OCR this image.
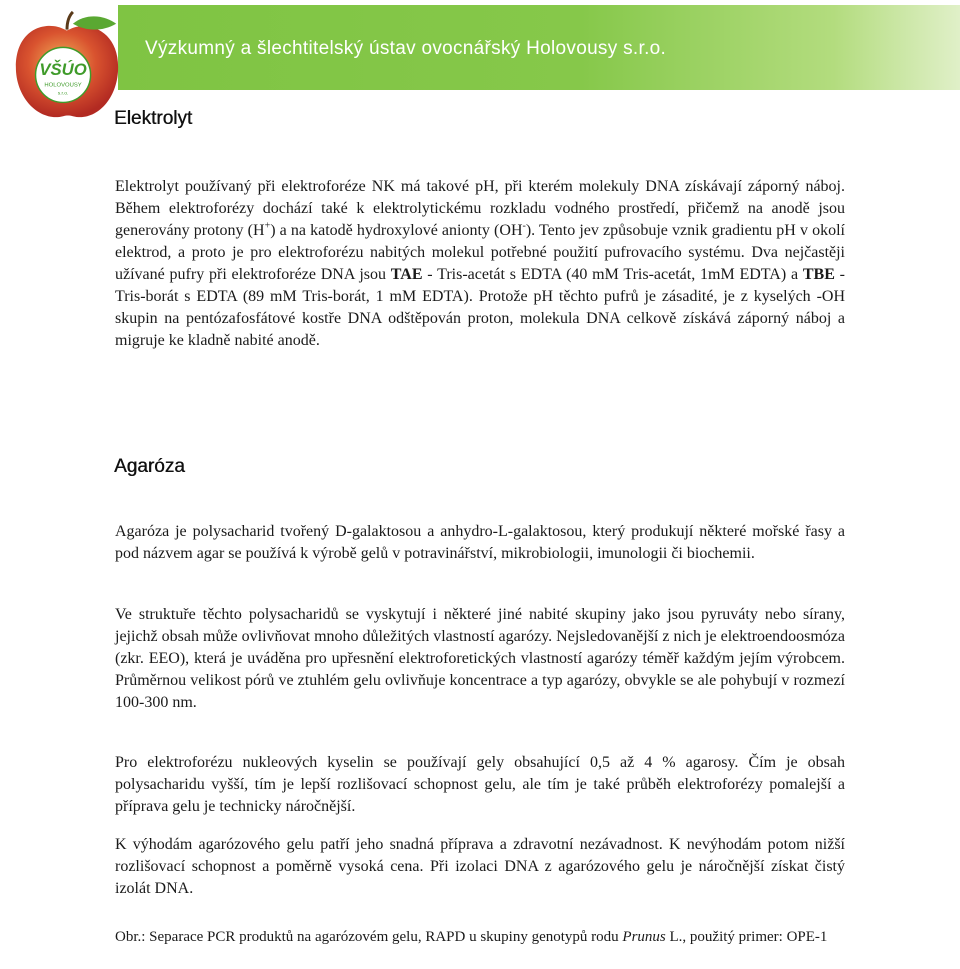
Výzkumný a šlechtitelský ústav ovocnářský Holovousy s.r.o.
VŠÚO
HOLOVOUSY
s.r.o.
Elektrolyt

Elektrolyt používaný při elektroforéze NK má takové pH, při kterém molekuly DNA získávají záporný náboj. Během elektroforézy dochází také k elektrolytickému rozkladu vodného prostředí, přičemž na anodě jsou generovány protony (H+) a na katodě hydroxylové anionty (OH-). Tento jev způsobuje vznik gradientu pH v okolí elektrod, a proto je pro elektroforézu nabitých molekul potřebné použití pufrovacího systému. Dva nejčastěji užívané pufry při elektroforéze DNA jsou TAE - Tris-acetát s EDTA (40 mM Tris-acetát, 1mM EDTA) a TBE - Tris-borát s EDTA (89 mM Tris-borát, 1 mM EDTA). Protože pH těchto pufrů je zásadité, je z kyselých -OH skupin na pentózafosfátové kostře DNA odštěpován proton, molekula DNA celkově získává záporný náboj a migruje ke kladně nabité anodě.

Agaróza

Agaróza je polysacharid tvořený D-galaktosou a anhydro-L-galaktosou, který produkují některé mořské řasy a pod názvem agar se používá k výrobě gelů v potravinářství, mikrobiologii, imunologii či biochemii.

Ve struktuře těchto polysacharidů se vyskytují i některé jiné nabité skupiny jako jsou pyruváty nebo sírany, jejichž obsah může ovlivňovat mnoho důležitých vlastností agarózy. Nejsledovanější z nich je elektroendoosmóza (zkr. EEO), která je uváděna pro upřesnění elektroforetických vlastností agarózy téměř každým jejím výrobcem. Průměrnou velikost pórů ve ztuhlém gelu ovlivňuje koncentrace a typ agarózy, obvykle se ale pohybují v rozmezí 100-300 nm.

Pro elektroforézu nukleových kyselin se používají gely obsahující 0,5 až 4 % agarosy. Čím je obsah polysacharidu vyšší, tím je lepší rozlišovací schopnost gelu, ale tím je také průběh elektroforézy pomalejší a příprava gelu je technicky náročnější.

K výhodám agarózového gelu patří jeho snadná příprava a zdravotní nezávadnost. K nevýhodám potom nižší rozlišovací schopnost a poměrně vysoká cena. Při izolaci DNA z agarózového gelu je náročnější získat čistý izolát DNA.

Obr.: Separace PCR produktů na agarózovém gelu, RAPD u skupiny genotypů rodu Prunus L., použitý primer: OPE-1
